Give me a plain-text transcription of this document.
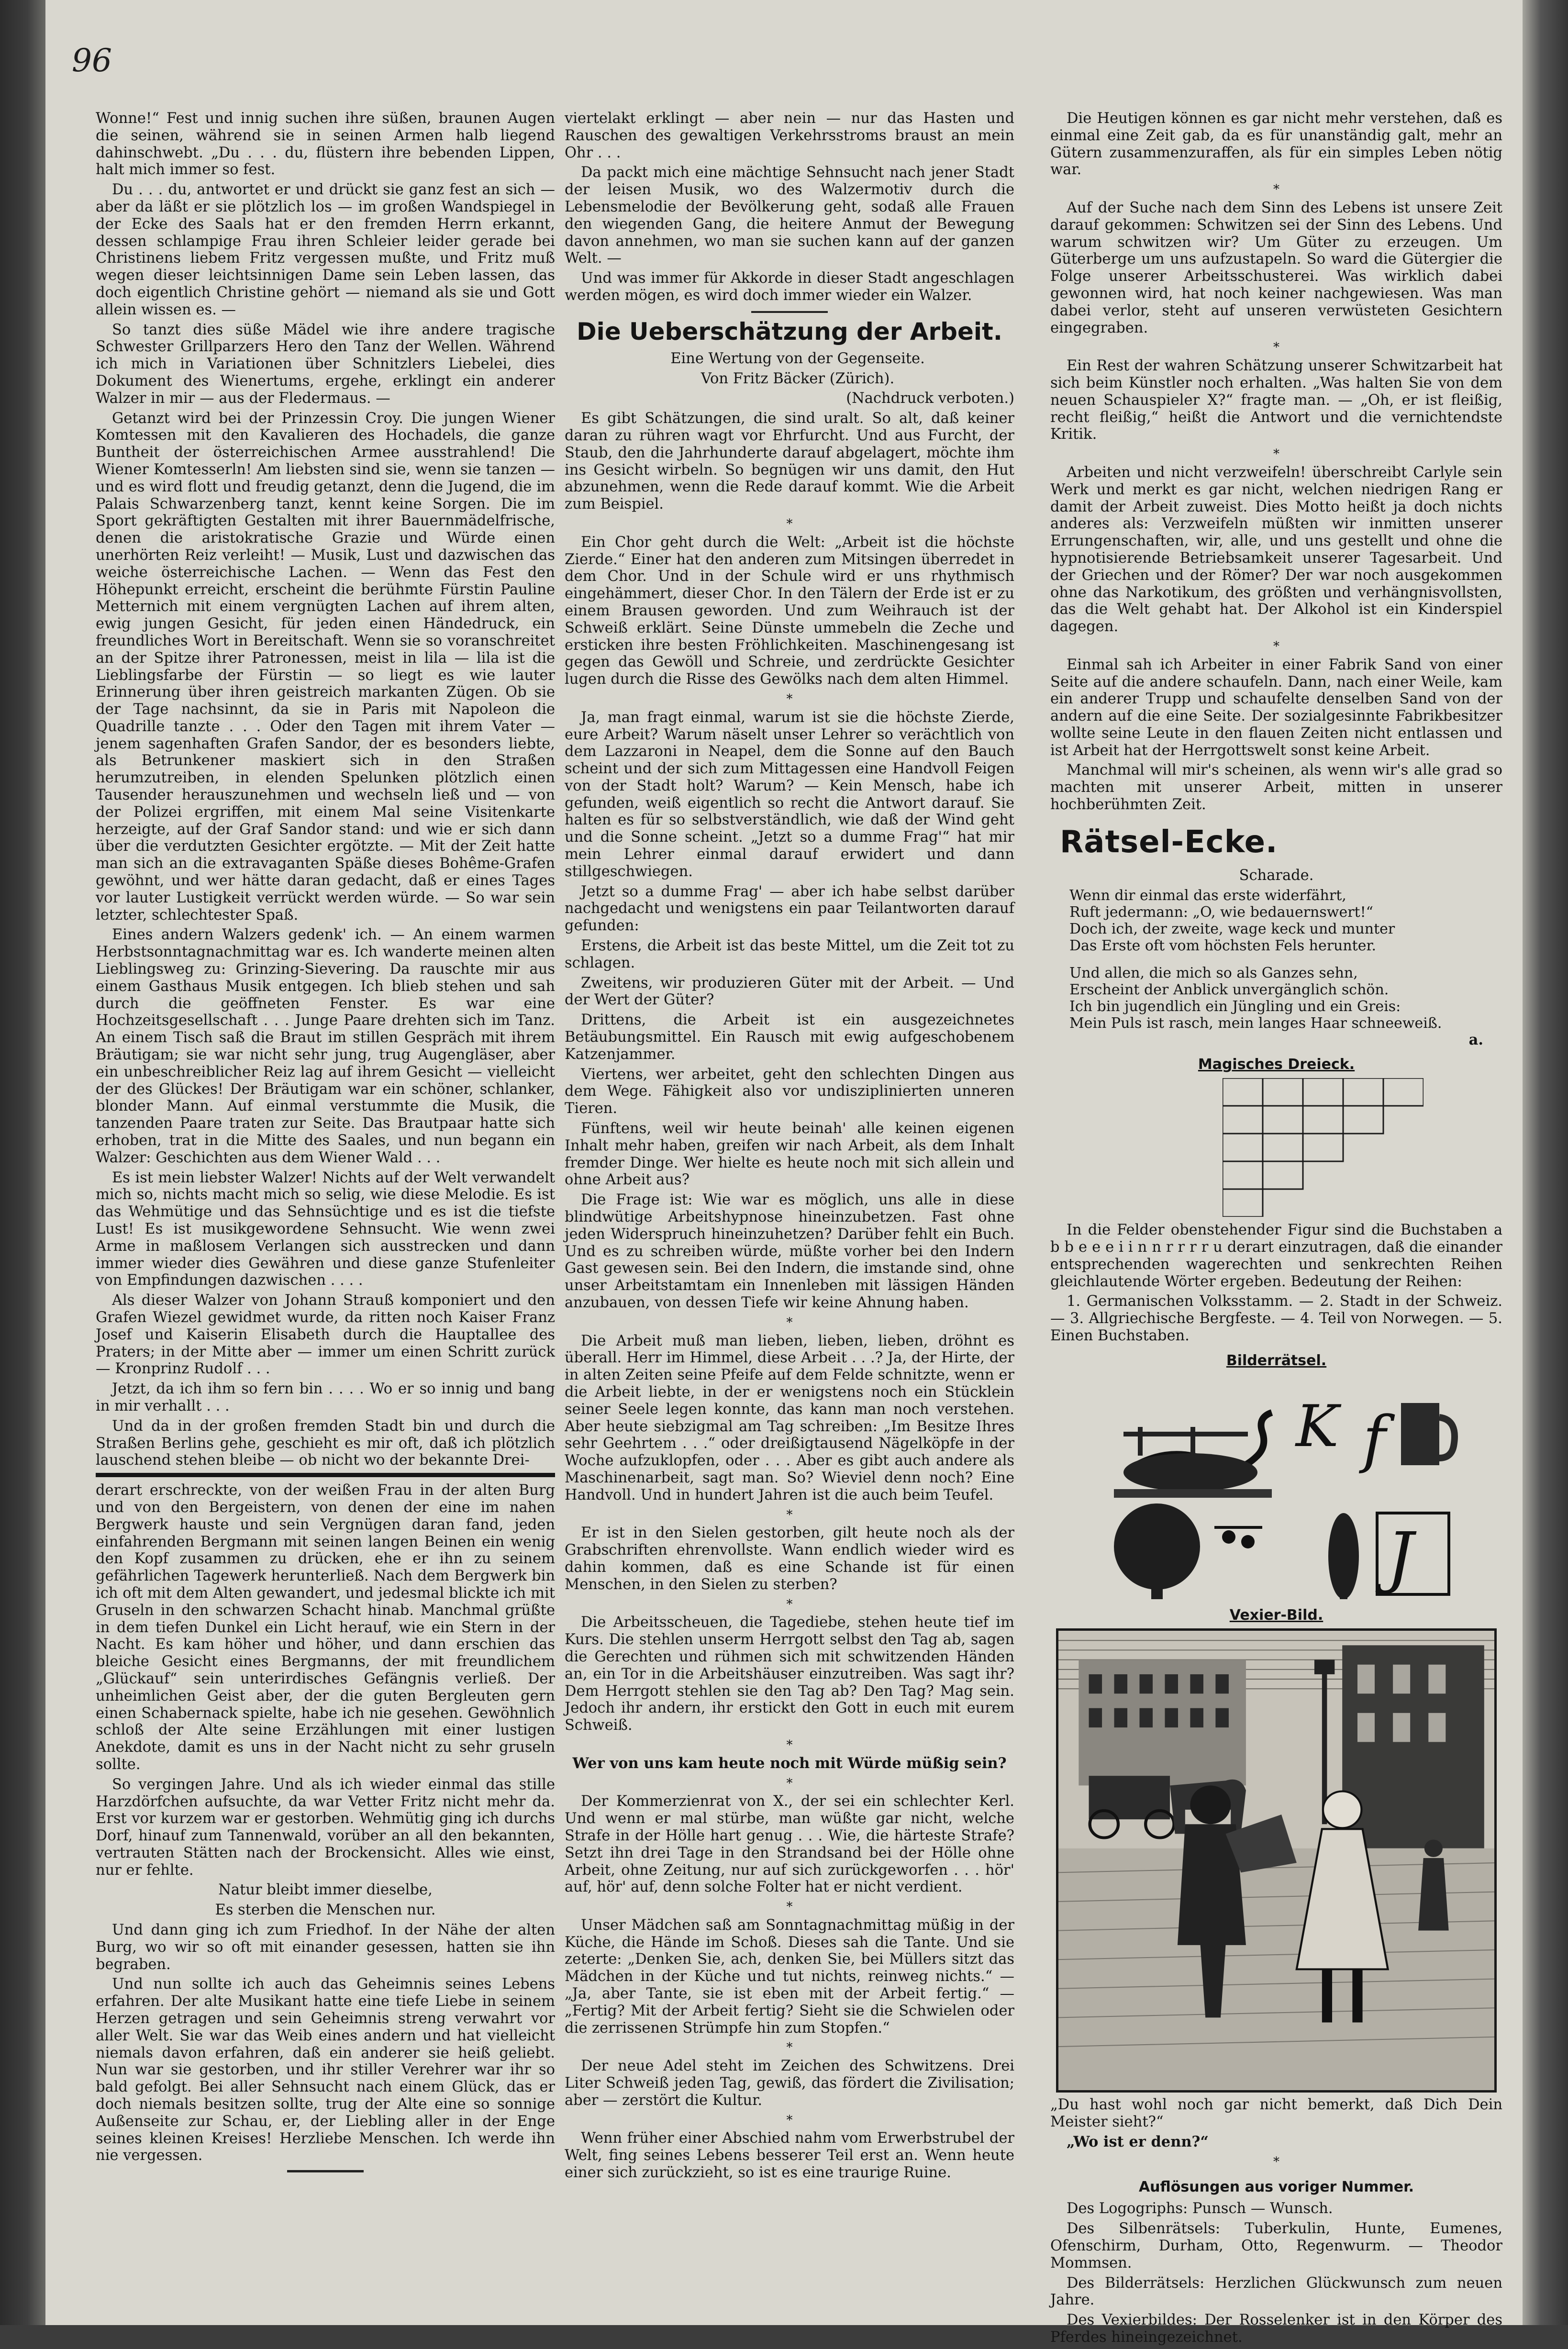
96

Wonne!“ Fest und innig suchen ihre süßen, braunen Augen die seinen, während sie in seinen Armen halb liegend dahinschwebt. „Du . . . du, flüstern ihre bebenden Lippen, halt mich immer so fest.

Du . . . du, antwortet er und drückt sie ganz fest an sich — aber da läßt er sie plötzlich los — im großen Wandspiegel in der Ecke des Saals hat er den fremden Herrn erkannt, dessen schlampige Frau ihren Schleier leider gerade bei Christinens liebem Fritz vergessen mußte, und Fritz muß wegen dieser leichtsinnigen Dame sein Leben lassen, das doch eigentlich Christine gehört — niemand als sie und Gott allein wissen es. —

So tanzt dies süße Mädel wie ihre andere tragische Schwester Grillparzers Hero den Tanz der Wellen. Während ich mich in Variationen über Schnitzlers Liebelei, dies Dokument des Wienertums, ergehe, erklingt ein anderer Walzer in mir — aus der Fledermaus. —

Getanzt wird bei der Prinzessin Croy. Die jungen Wiener Komtessen mit den Kavalieren des Hochadels, die ganze Buntheit der österreichischen Armee ausstrahlend! Die Wiener Komtesserln! Am liebsten sind sie, wenn sie tanzen — und es wird flott und freudig getanzt, denn die Jugend, die im Palais Schwarzenberg tanzt, kennt keine Sorgen. Die im Sport gekräftigten Gestalten mit ihrer Bauernmädelfrische, denen die aristokratische Grazie und Würde einen unerhörten Reiz verleiht! — Musik, Lust und dazwischen das weiche österreichische Lachen. — Wenn das Fest den Höhepunkt erreicht, erscheint die berühmte Fürstin Pauline Metternich mit einem vergnügten Lachen auf ihrem alten, ewig jungen Gesicht, für jeden einen Händedruck, ein freundliches Wort in Bereitschaft. Wenn sie so voranschreitet an der Spitze ihrer Patronessen, meist in lila — lila ist die Lieblingsfarbe der Fürstin — so liegt es wie lauter Erinnerung über ihren geistreich markanten Zügen. Ob sie der Tage nachsinnt, da sie in Paris mit Napoleon die Quadrille tanzte . . . Oder den Tagen mit ihrem Vater — jenem sagenhaften Grafen Sandor, der es besonders liebte, als Betrunkener maskiert sich in den Straßen herumzutreiben, in elenden Spelunken plötzlich einen Tausender herauszunehmen und wechseln ließ und — von der Polizei ergriffen, mit einem Mal seine Visitenkarte herzeigte, auf der Graf Sandor stand: und wie er sich dann über die verdutzten Gesichter ergötzte. — Mit der Zeit hatte man sich an die extravaganten Späße dieses Bohême-Grafen gewöhnt, und wer hätte daran gedacht, daß er eines Tages vor lauter Lustigkeit verrückt werden würde. — So war sein letzter, schlechtester Spaß.

Eines andern Walzers gedenk' ich. — An einem warmen Herbstsonntagnachmittag war es. Ich wanderte meinen alten Lieblingsweg zu: Grinzing-Sievering. Da rauschte mir aus einem Gasthaus Musik entgegen. Ich blieb stehen und sah durch die geöffneten Fenster. Es war eine Hochzeitsgesellschaft . . . Junge Paare drehten sich im Tanz. An einem Tisch saß die Braut im stillen Gespräch mit ihrem Bräutigam; sie war nicht sehr jung, trug Augengläser, aber ein unbeschreiblicher Reiz lag auf ihrem Gesicht — vielleicht der des Glückes! Der Bräutigam war ein schöner, schlanker, blonder Mann. Auf einmal verstummte die Musik, die tanzenden Paare traten zur Seite. Das Brautpaar hatte sich erhoben, trat in die Mitte des Saales, und nun begann ein Walzer: Geschichten aus dem Wiener Wald . . .

Es ist mein liebster Walzer! Nichts auf der Welt verwandelt mich so, nichts macht mich so selig, wie diese Melodie. Es ist das Wehmütige und das Sehnsüchtige und es ist die tiefste Lust! Es ist musikgewordene Sehnsucht. Wie wenn zwei Arme in maßlosem Verlangen sich ausstrecken und dann immer wieder dies Gewähren und diese ganze Stufenleiter von Empfindungen dazwischen . . . .

Als dieser Walzer von Johann Strauß komponiert und den Grafen Wiezel gewidmet wurde, da ritten noch Kaiser Franz Josef und Kaiserin Elisabeth durch die Hauptallee des Praters; in der Mitte aber — immer um einen Schritt zurück — Kronprinz Rudolf . . .

Jetzt, da ich ihm so fern bin . . . . Wo er so innig und bang in mir verhallt . . .

Und da in der großen fremden Stadt bin und durch die Straßen Berlins gehe, geschieht es mir oft, daß ich plötzlich lauschend stehen bleibe — ob nicht wo der bekannte Drei-

derart erschreckte, von der weißen Frau in der alten Burg und von den Bergeistern, von denen der eine im nahen Bergwerk hauste und sein Vergnügen daran fand, jeden einfahrenden Bergmann mit seinen langen Beinen ein wenig den Kopf zusammen zu drücken, ehe er ihn zu seinem gefährlichen Tagewerk herunterließ. Nach dem Bergwerk bin ich oft mit dem Alten gewandert, und jedesmal blickte ich mit Gruseln in den schwarzen Schacht hinab. Manchmal grüßte in dem tiefen Dunkel ein Licht herauf, wie ein Stern in der Nacht. Es kam höher und höher, und dann erschien das bleiche Gesicht eines Bergmanns, der mit freundlichem „Glückauf“ sein unterirdisches Gefängnis verließ. Der unheimlichen Geist aber, der die guten Bergleuten gern einen Schabernack spielte, habe ich nie gesehen. Gewöhnlich schloß der Alte seine Erzählungen mit einer lustigen Anekdote, damit es uns in der Nacht nicht zu sehr gruseln sollte.

So vergingen Jahre. Und als ich wieder einmal das stille Harzdörfchen aufsuchte, da war Vetter Fritz nicht mehr da. Erst vor kurzem war er gestorben. Wehmütig ging ich durchs Dorf, hinauf zum Tannenwald, vorüber an all den bekannten, vertrauten Stätten nach der Brockensicht. Alles wie einst, nur er fehlte.

Natur bleibt immer dieselbe,

Es sterben die Menschen nur.

Und dann ging ich zum Friedhof. In der Nähe der alten Burg, wo wir so oft mit einander gesessen, hatten sie ihn begraben.

Und nun sollte ich auch das Geheimnis seines Lebens erfahren. Der alte Musikant hatte eine tiefe Liebe in seinem Herzen getragen und sein Geheimnis streng verwahrt vor aller Welt. Sie war das Weib eines andern und hat vielleicht niemals davon erfahren, daß ein anderer sie heiß geliebt. Nun war sie gestorben, und ihr stiller Verehrer war ihr so bald gefolgt. Bei aller Sehnsucht nach einem Glück, das er doch niemals besitzen sollte, trug der Alte eine so sonnige Außenseite zur Schau, er, der Liebling aller in der Enge seines kleinen Kreises! Herzliebe Menschen. Ich werde ihn nie vergessen.

viertelakt erklingt — aber nein — nur das Hasten und Rauschen des gewaltigen Verkehrsstroms braust an mein Ohr . . .

Da packt mich eine mächtige Sehnsucht nach jener Stadt der leisen Musik, wo des Walzermotiv durch die Lebensmelodie der Bevölkerung geht, sodaß alle Frauen den wiegenden Gang, die heitere Anmut der Bewegung davon annehmen, wo man sie suchen kann auf der ganzen Welt. —

Und was immer für Akkorde in dieser Stadt angeschlagen werden mögen, es wird doch immer wieder ein Walzer.

Die Ueberschätzung der Arbeit.

Eine Wertung von der Gegenseite.

Von Fritz Bäcker (Zürich).

(Nachdruck verboten.)

Es gibt Schätzungen, die sind uralt. So alt, daß keiner daran zu rühren wagt vor Ehrfurcht. Und aus Furcht, der Staub, den die Jahrhunderte darauf abgelagert, möchte ihm ins Gesicht wirbeln. So begnügen wir uns damit, den Hut abzunehmen, wenn die Rede darauf kommt. Wie die Arbeit zum Beispiel.

*

Ein Chor geht durch die Welt: „Arbeit ist die höchste Zierde.“ Einer hat den anderen zum Mitsingen überredet in dem Chor. Und in der Schule wird er uns rhythmisch eingehämmert, dieser Chor. In den Tälern der Erde ist er zu einem Brausen geworden. Und zum Weihrauch ist der Schweiß erklärt. Seine Dünste ummebeln die Zeche und ersticken ihre besten Fröhlichkeiten. Maschinengesang ist gegen das Gewöll und Schreie, und zerdrückte Gesichter lugen durch die Risse des Gewölks nach dem alten Himmel.

*

Ja, man fragt einmal, warum ist sie die höchste Zierde, eure Arbeit? Warum näselt unser Lehrer so verächtlich von dem Lazzaroni in Neapel, dem die Sonne auf den Bauch scheint und der sich zum Mittagessen eine Handvoll Feigen von der Stadt holt? Warum? — Kein Mensch, habe ich gefunden, weiß eigentlich so recht die Antwort darauf. Sie halten es für so selbstverständlich, wie daß der Wind geht und die Sonne scheint. „Jetzt so a dumme Frag'“ hat mir mein Lehrer einmal darauf erwidert und dann stillgeschwiegen.

Jetzt so a dumme Frag' — aber ich habe selbst darüber nachgedacht und wenigstens ein paar Teilantworten darauf gefunden:

Erstens, die Arbeit ist das beste Mittel, um die Zeit tot zu schlagen.

Zweitens, wir produzieren Güter mit der Arbeit. — Und der Wert der Güter?

Drittens, die Arbeit ist ein ausgezeichnetes Betäubungsmittel. Ein Rausch mit ewig aufgeschobenem Katzenjammer.

Viertens, wer arbeitet, geht den schlechten Dingen aus dem Wege. Fähigkeit also vor undisziplinierten unneren Tieren.

Fünftens, weil wir heute beinah' alle keinen eigenen Inhalt mehr haben, greifen wir nach Arbeit, als dem Inhalt fremder Dinge. Wer hielte es heute noch mit sich allein und ohne Arbeit aus?

Die Frage ist: Wie war es möglich, uns alle in diese blindwütige Arbeitshypnose hineinzubetzen. Fast ohne jeden Widerspruch hineinzuhetzen? Darüber fehlt ein Buch. Und es zu schreiben würde, müßte vorher bei den Indern Gast gewesen sein. Bei den Indern, die imstande sind, ohne unser Arbeitstamtam ein Innenleben mit lässigen Händen anzubauen, von dessen Tiefe wir keine Ahnung haben.

*

Die Arbeit muß man lieben, lieben, lieben, dröhnt es überall. Herr im Himmel, diese Arbeit . . .? Ja, der Hirte, der in alten Zeiten seine Pfeife auf dem Felde schnitzte, wenn er die Arbeit liebte, in der er wenigstens noch ein Stücklein seiner Seele legen konnte, das kann man noch verstehen. Aber heute siebzigmal am Tag schreiben: „Im Besitze Ihres sehr Geehrtem . . .“ oder dreißigtausend Nägelköpfe in der Woche aufzuklopfen, oder . . . Aber es gibt auch andere als Maschinenarbeit, sagt man. So? Wieviel denn noch? Eine Handvoll. Und in hundert Jahren ist die auch beim Teufel.

*

Er ist in den Sielen gestorben, gilt heute noch als der Grabschriften ehrenvollste. Wann endlich wieder wird es dahin kommen, daß es eine Schande ist für einen Menschen, in den Sielen zu sterben?

*

Die Arbeitsscheuen, die Tagediebe, stehen heute tief im Kurs. Die stehlen unserm Herrgott selbst den Tag ab, sagen die Gerechten und rühmen sich mit schwitzenden Händen an, ein Tor in die Arbeitshäuser einzutreiben. Was sagt ihr? Dem Herrgott stehlen sie den Tag ab? Den Tag? Mag sein. Jedoch ihr andern, ihr erstickt den Gott in euch mit eurem Schweiß.

*

Wer von uns kam heute noch mit Würde müßig sein?

*

Der Kommerzienrat von X., der sei ein schlechter Kerl. Und wenn er mal stürbe, man wüßte gar nicht, welche Strafe in der Hölle hart genug . . . Wie, die härteste Strafe? Setzt ihn drei Tage in den Strandsand bei der Hölle ohne Arbeit, ohne Zeitung, nur auf sich zurückgeworfen . . . hör' auf, hör' auf, denn solche Folter hat er nicht verdient.

*

Unser Mädchen saß am Sonntagnachmittag müßig in der Küche, die Hände im Schoß. Dieses sah die Tante. Und sie zeterte: „Denken Sie, ach, denken Sie, bei Müllers sitzt das Mädchen in der Küche und tut nichts, reinweg nichts.“ — „Ja, aber Tante, sie ist eben mit der Arbeit fertig.“ — „Fertig? Mit der Arbeit fertig? Sieht sie die Schwielen oder die zerrissenen Strümpfe hin zum Stopfen.“

*

Der neue Adel steht im Zeichen des Schwitzens. Drei Liter Schweiß jeden Tag, gewiß, das fördert die Zivilisation; aber — zerstört die Kultur.

*

Wenn früher einer Abschied nahm vom Erwerbstrubel der Welt, fing seines Lebens besserer Teil erst an. Wenn heute einer sich zurückzieht, so ist es eine traurige Ruine.

Die Heutigen können es gar nicht mehr verstehen, daß es einmal eine Zeit gab, da es für unanständig galt, mehr an Gütern zusammenzuraffen, als für ein simples Leben nötig war.

*

Auf der Suche nach dem Sinn des Lebens ist unsere Zeit darauf gekommen: Schwitzen sei der Sinn des Lebens. Und warum schwitzen wir? Um Güter zu erzeugen. Um Güterberge um uns aufzustapeln. So ward die Gütergier die Folge unserer Arbeitsschusterei. Was wirklich dabei gewonnen wird, hat noch keiner nachgewiesen. Was man dabei verlor, steht auf unseren verwüsteten Gesichtern eingegraben.

*

Ein Rest der wahren Schätzung unserer Schwitzarbeit hat sich beim Künstler noch erhalten. „Was halten Sie von dem neuen Schauspieler X?“ fragte man. — „Oh, er ist fleißig, recht fleißig,“ heißt die Antwort und die vernichtendste Kritik.

*

Arbeiten und nicht verzweifeln! überschreibt Carlyle sein Werk und merkt es gar nicht, welchen niedrigen Rang er damit der Arbeit zuweist. Dies Motto heißt ja doch nichts anderes als: Verzweifeln müßten wir inmitten unserer Errungenschaften, wir, alle, und uns gestellt und ohne die hypnotisierende Betriebsamkeit unserer Tagesarbeit. Und der Griechen und der Römer? Der war noch ausgekommen ohne das Narkotikum, des größten und verhängnisvollsten, das die Welt gehabt hat. Der Alkohol ist ein Kinderspiel dagegen.

*

Einmal sah ich Arbeiter in einer Fabrik Sand von einer Seite auf die andere schaufeln. Dann, nach einer Weile, kam ein anderer Trupp und schaufelte denselben Sand von der andern auf die eine Seite. Der sozialgesinnte Fabrikbesitzer wollte seine Leute in den flauen Zeiten nicht entlassen und ist Arbeit hat der Herrgottswelt sonst keine Arbeit.

Manchmal will mir's scheinen, als wenn wir's alle grad so machten mit unserer Arbeit, mitten in unserer hochberühmten Zeit.

Rätsel-Ecke.
Scharade.
Wenn dir einmal das erste widerfährt,
Ruft jedermann: „O, wie bedauernswert!“
Doch ich, der zweite, wage keck und munter
Das Erste oft vom höchsten Fels herunter.
Und allen, die mich so als Ganzes sehn,
Erscheint der Anblick unvergänglich schön.
Ich bin jugendlich ein Jüngling und ein Greis:
Mein Puls ist rasch, mein langes Haar schneeweiß.
a.
Magisches Dreieck.

In die Felder obenstehender Figur sind die Buchstaben a b b e e e i i n n r r r r u derart einzutragen, daß die einander entsprechenden wagerechten und senkrechten Reihen gleichlautende Wörter ergeben. Bedeutung der Reihen:

1. Germanischen Volksstamm. — 2. Stadt in der Schweiz. — 3. Allgriechische Bergfeste. — 4. Teil von Norwegen. — 5. Einen Buchstaben.

Bilderrätsel.
K f
J
Vexier-Bild.

„Du hast wohl noch gar nicht bemerkt, daß Dich Dein Meister sieht?“

„Wo ist er denn?“

*
Auflösungen aus voriger Nummer.

Des Logogriphs: Punsch — Wunsch.

Des Silbenrätsels: Tuberkulin, Hunte, Eumenes, Ofenschirm, Durham, Otto, Regenwurm. — Theodor Mommsen.

Des Bilderrätsels: Herzlichen Glückwunsch zum neuen Jahre.

Des Vexierbildes: Der Rosselenker ist in den Körper des Pferdes hineingezeichnet.
